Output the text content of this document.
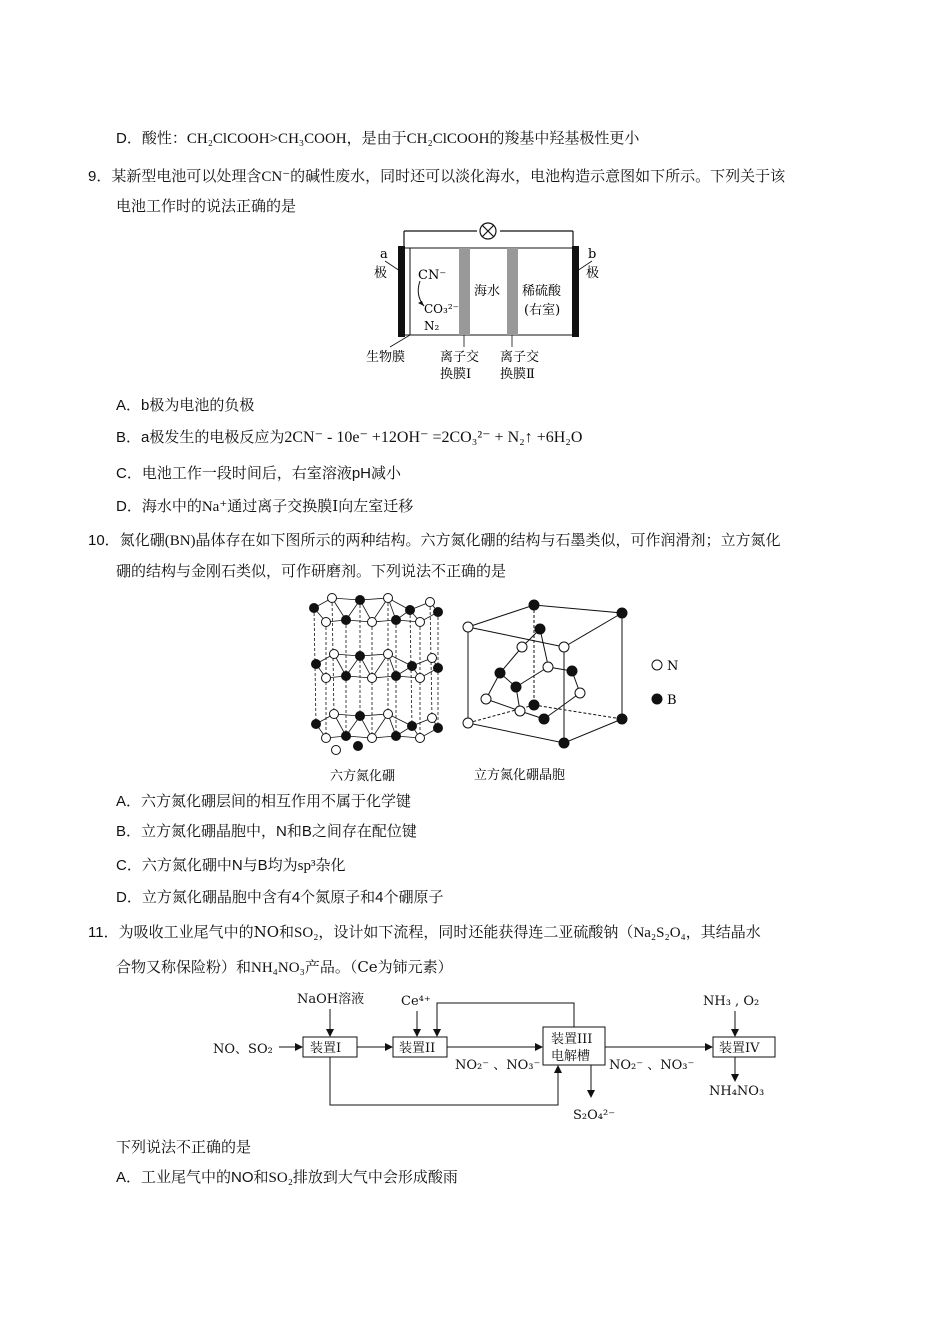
D．酸性：CH₂ClCOOH>CH₃COOH，是由于CH₂ClCOOH的羧基中羟基极性更小
9．某新型电池可以处理含CN⁻的碱性废水，同时还可以淡化海水，电池构造示意图如下所示。下列关于该
电池工作时的说法正确的是
a
极
b
极
CN⁻
CO₃²⁻
N₂
海水 稀硫酸
(右室)
生物膜	离子交
换膜Ⅰ
离子交
换膜Ⅱ
A．b极为电池的负极
B．a极发生的电极反应为2CN⁻ - 10e⁻ +12OH⁻ =2CO₃²⁻ + N₂↑ +6H₂O
C．电池工作一段时间后，右室溶液pH减小
D．海水中的Na⁺通过离子交换膜Ⅰ向左室迁移
10．氮化硼(BN)晶体存在如下图所示的两种结构。六方氮化硼的结构与石墨类似，可作润滑剂；立方氮化
硼的结构与金刚石类似，可作研磨剂。下列说法不正确的是
六方氮化硼
N
B
立方氮化硼晶胞
A．六方氮化硼层间的相互作用不属于化学键
B．立方氮化硼晶胞中，N和B之间存在配位键
C．六方氮化硼中N与B均为sp³杂化
D．立方氮化硼晶胞中含有4个氮原子和4个硼原子
11．为吸收工业尾气中的NO和SO₂，设计如下流程，同时还能获得连二亚硫酸钠（Na₂S₂O₄，其结晶水
合物又称保险粉）和NH₄NO₃产品。（Ce为铈元素）
NaOH溶液	Ce⁴⁺	NH₃ , O₂
NO、SO₂
NO₂⁻ 、NO₃⁻	NO₂⁻ 、NO₃⁻
NH₄NO₃
S₂O₄²⁻
装置I	装置II
装置III
电解槽
装置IV
下列说法不正确的是
A．工业尾气中的NO和SO₂排放到大气中会形成酸雨
